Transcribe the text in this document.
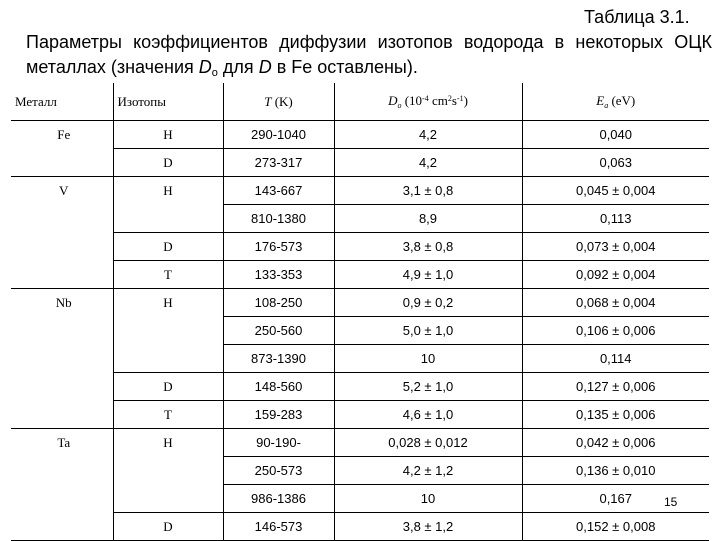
Таблица 3.1.
Параметры коэффициентов диффузии изотопов водорода в некоторых ОЦК металлах (значения $D_o$ для D в Fe оставлены).
Металл	Изотопы	T (K)	$D_o$ ($10^{-4}$ $cm^2s^{-1}$)	$E_a$ (eV)
Fe	H	290-1040	4,2	0,040
	D	273-317	4,2	0,063
V	H	143-667	3,1 ± 0,8	0,045 ± 0,004
		810-1380	8,9	0,113
	D	176-573	3,8 ± 0,8	0,073 ± 0,004
	T	133-353	4,9 ± 1,0	0,092 ± 0,004
Nb	H	108-250	0,9 ± 0,2	0,068 ± 0,004
		250-560	5,0 ± 1,0	0,106 ± 0,006
		873-1390	10	0,114
	D	148-560	5,2 ± 1,0	0,127 ± 0,006
	T	159-283	4,6 ± 1,0	0,135 ± 0,006
Ta	H	90-190-	0,028 ± 0,012	0,042 ± 0,006
		250-573	4,2 ± 1,2	0,136 ± 0,010
		986-1386	10	0,167
	D	146-573	3,8 ± 1,2	0,152 ± 0,008
15
